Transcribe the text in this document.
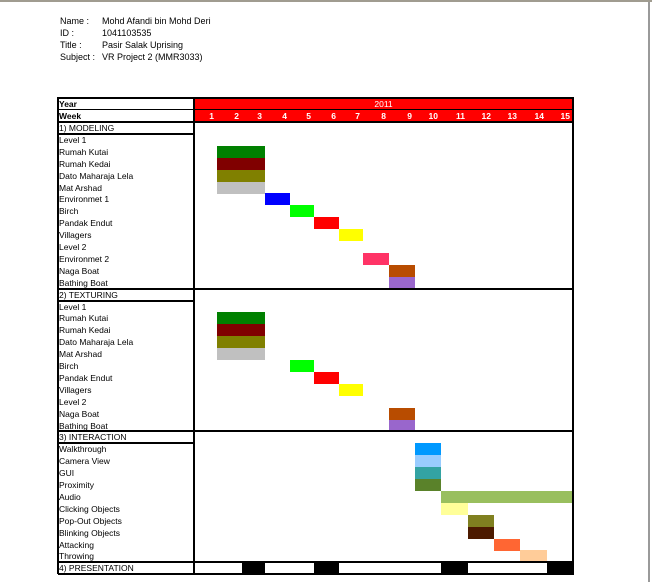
Name :	Mohd Afandi bin Mohd Deri
ID :	1041103535
Title :	Pasir Salak Uprising
Subject : VR Project 2 (MMR3033)
Year	2011
Week	1	2	3	4	5	6	7	8	9	10	11	12	13	14	15
1) MODELING
Level 1
Rumah Kutai
Rumah Kedai
Dato Maharaja Lela
Mat Arshad
Environmet 1
Birch
Pandak Endut
Villagers
Level 2
Environmet 2
Naga Boat
Bathing Boat
2) TEXTURING
Level 1
Rumah Kutai
Rumah Kedai
Dato Maharaja Lela
Mat Arshad
Birch
Pandak Endut
Villagers
Level 2
Naga Boat
Bathing Boat
3) INTERACTION
Walkthrough
Camera View
GUI
Proximity
Audio
Clicking Objects
Pop-Out Objects
Blinking Objects
Attacking
Throwing
4) PRESENTATION
